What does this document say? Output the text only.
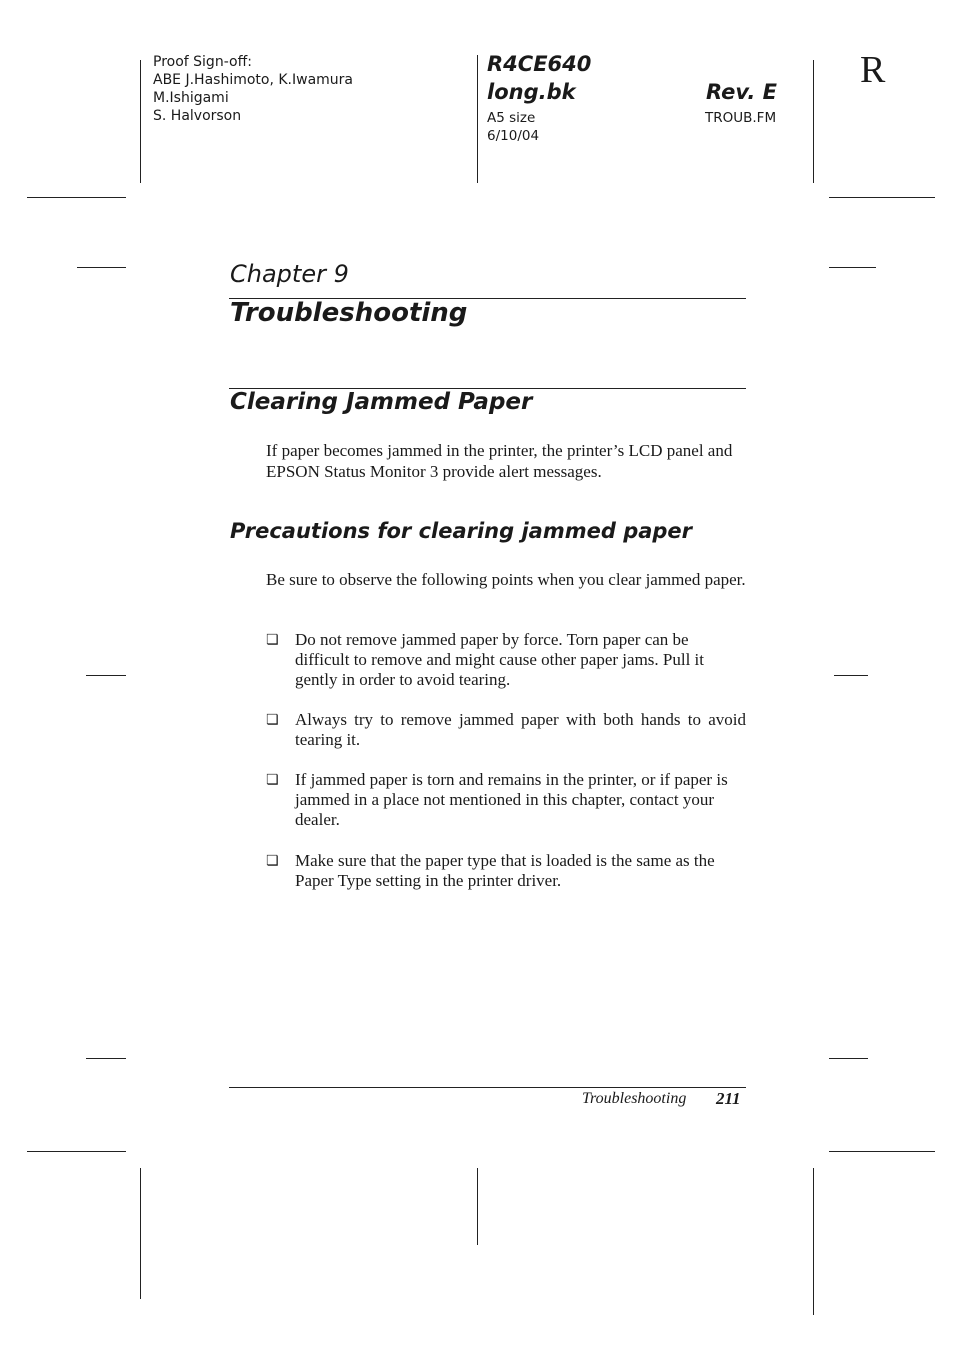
Proof Sign-off:
ABE J.Hashimoto, K.Iwamura
M.Ishigami
S. Halvorson
R4CE640
long.bk	Rev. E
A5 size
6/10/04
TROUB.FM
R
Chapter 9
Troubleshooting
Clearing Jammed Paper
If paper becomes jammed in the printer, the printer’s LCD panel and EPSON Status Monitor 3 provide alert messages.
Precautions for clearing jammed paper
Be sure to observe the following points when you clear jammed paper.
❏ Do not remove jammed paper by force. Torn paper can be difficult to remove and might cause other paper jams. Pull it gently in order to avoid tearing.
❏ Always try to remove jammed paper with both hands to avoid tearing it.
❏ If jammed paper is torn and remains in the printer, or if paper is jammed in a place not mentioned in this chapter, contact your dealer.
❏ Make sure that the paper type that is loaded is the same as the Paper Type setting in the printer driver.
Troubleshooting 211
